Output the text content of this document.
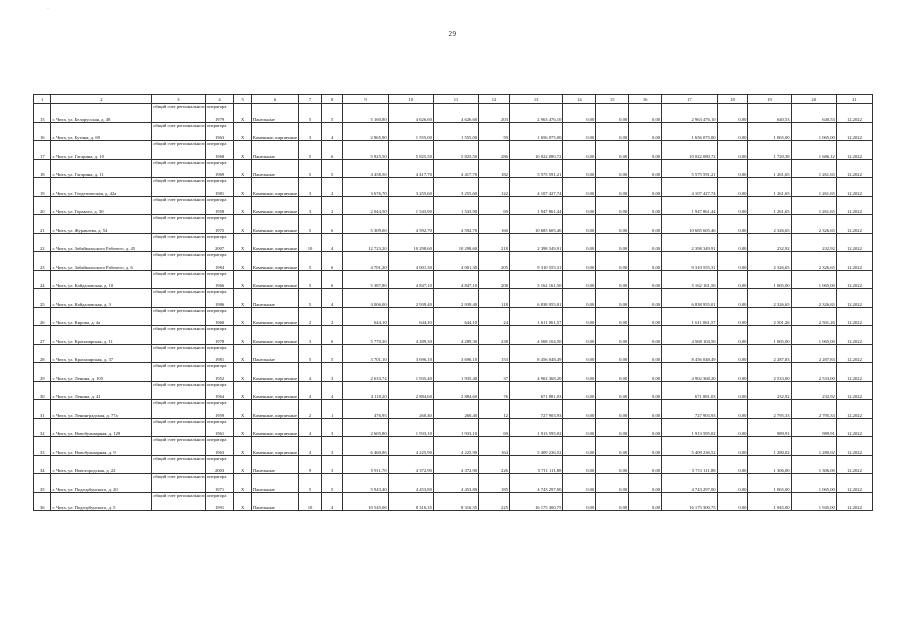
·
29
1	2	3	4	5	6	7	8	9	10	11	12	13	14	15	16	17	18	19	20	21
15	г. Чита, ул. Белорусская, д. 48	общий счет регионального оператора	1979	Х	Панельные	5	5	5 160,80	4 626,60	4 626,60	203	2 963 476,10	0,00	0,00	0,00	2 963 476,10	0,00	640,53	640,53	12.2022
16	г. Чита, ул. Бутина, д. 69	общий счет регионального оператора	1963	Х	Каменные, кирпичные	3	4	2 865,90	1 555,00	1 555,00	59	1 656 075,00	0,00	0,00	0,00	1 656 075,00	0,00	1 065,00	1 065,00	12.2022
17	г. Чита, ул. Гагарина, д. 10	общий счет регионального оператора	1968	Х	Панельные	5	6	5 825,50	5 825,50	5 825,50	286	10 022 080,72	0,00	0,00	0,00	10 022 080,72	0,00	1 720,38	1 686,12	12.2022
18	г. Чита, ул. Гагарина, д. 11	общий счет регионального оператора	1969	Х	Панельные	5	5	4 458,50	4 417,70	4 417,70	182	5 575 591,21	0,00	0,00	0,00	5 575 591,21	0,00	1 261,65	1 261,65	12.2022
19	г. Чита, ул. Геодезическая, д. 42а	общий счет регионального оператора	1981	Х	Каменные, кирпичные	3	2	3 676,70	3 255,60	3 255,60	122	4 107 427,74	0,00	0,00	0,00	4 107 427,74	0,00	1 261,65	1 261,65	12.2022
20	г. Чита, ул. Горького, д. 30	общий счет регионального оператора	1958	Х	Каменные, кирпичные	3	2	2 044,50	1 543,90	1 543,90	69	1 947 861,44	0,00	0,00	0,00	1 947 861,44	0,00	1 261,65	1 261,65	12.2022
21	г. Чита, ул. Журавлева, д. 54	общий счет регионального оператора	1975	Х	Каменные, кирпичные	5	6	5 309,00	4 592,70	4 592,70	160	10 685 605,46	0,00	0,00	0,00	10 685 605,46	0,00	2 326,65	2 326,65	12.2022
22	г. Чита, ул. Забайкальского Рабочего, д. 45	общий счет регионального оператора	2007	Х	Каменные, кирпичные	10	4	12 723,20	10 298,60	10 298,60	218	2 398 349,91	0,00	0,00	0,00	2 398 349,91	0,00	232,92	232,92	12.2022
23	г. Чита, ул. Забайкальского Рабочего, д. 6	общий счет регионального оператора	1984	Х	Каменные, кирпичные	5	6	4 701,20	4 001,30	4 001,30	205	9 310 555,31	0,00	0,00	0,00	9 310 555,31	0,00	2 326,65	2 326,65	12.2022
24	г. Чита, ул. Кайдаловская, д. 10	общий счет регионального оператора	1966	Х	Каменные, кирпичные	5	6	5 387,80	4 847,10	4 847,10	208	5 162 161,50	0,00	0,00	0,00	5 162 161,50	0,00	1 065,00	1 065,00	12.2022
25	г. Чита, ул. Кайдаловская, д. 3	общий счет регионального оператора	1986	Х	Панельные	5	4	4 006,00	2 939,40	2 939,40	118	6 838 955,01	0,00	0,00	0,00	6 838 955,01	0,00	2 326,65	2 326,65	12.2022
26	г. Чита, ул. Кирова, д. 4а	общий счет регионального оператора	1960	Х	Каменные, кирпичные	2	2	644,10	644,10	644,10	24	1 611 061,57	0,00	0,00	0,00	1 611 061,57	0,00	2 501,26	2 501,26	12.2022
27	г. Чита, ул. Красноярская, д. 11	общий счет регионального оператора	1978	Х	Каменные, кирпичные	3	6	5 770,30	4 289,30	4 289,30	238	4 568 104,50	0,00	0,00	0,00	4 568 104,50	0,00	1 065,00	1 065,00	12.2022
28	г. Чита, ул. Красноярская, д. 37	общий счет регионального оператора	1981	Х	Панельные	5	5	3 701,10	3 696,10	3 696,10	153	8 456 048,49	0,00	0,00	0,00	8 456 048,49	0,00	2 287,83	2 287,83	12.2022
29	г. Чита, ул. Ленина, д. 105	общий счет регионального оператора	1952	Х	Каменные, кирпичные	4	3	2 633,74	1 935,40	1 935,40	37	4 902 368,20	0,00	0,00	0,00	4 902 368,20	0,00	2 533,00	2 533,00	12.2022
30	г. Чита, ул. Ленина, д. 41	общий счет регионального оператора	1964	Х	Каменные, кирпичные	4	4	4 118,20	2 884,60	2 884,60	76	671 881,03	0,00	0,00	0,00	671 881,03	0,00	232,92	232,92	12.2022
31	г. Чита, ул. Ленинградская, д. 77а	общий счет регионального оператора	1959	Х	Каменные, кирпичные	2	1	476,95	260,40	260,40	12	727 903,93	0,00	0,00	0,00	727 903,93	0,00	2 795,33	2 795,33	12.2022
32	г. Чита, ул. Новобульварная, д. 129	общий счет регионального оператора	1961	Х	Каменные, кирпичные	4	3	2 605,80	1 933,10	1 933,10	69	1 913 595,02	0,00	0,00	0,00	1 913 595,02	0,00	989,91	989,91	12.2022
33	г. Чита, ул. Новобульварная, д. 9	общий счет регионального оператора	1963	Х	Каменные, кирпичные	4	3	6 460,86	4 225,90	4 225,90	164	5 409 236,52	0,00	0,00	0,00	5 409 236,52	0,00	1 280,02	1 280,02	12.2022
34	г. Чита, ул. Новогородская, д. 22	общий счет регионального оператора	2003	Х	Панельные	9	3	5 911,70	4 372,90	4 372,90	226	5 711 111,88	0,00	0,00	0,00	5 711 111,88	0,00	1 306,00	1 306,00	12.2022
35	г. Чита, ул. Подгорбунского, д. 20	общий счет регионального оператора	1971	Х	Панельные	5	5	5 943,40	4 453,80	4 453,80	185	4 743 297,00	0,00	0,00	0,00	4 743 297,00	0,00	1 065,00	1 065,00	12.2022
36	г. Чита, ул. Подгорбунского, д. 5	общий счет регионального оператора	1991	Х	Панельные	10	4	10 545,06	8 316,35	8 316,35	225	16 175 300,75	0,00	0,00	0,00	16 175 300,75	0,00	1 945,00	1 945,00	12.2022
